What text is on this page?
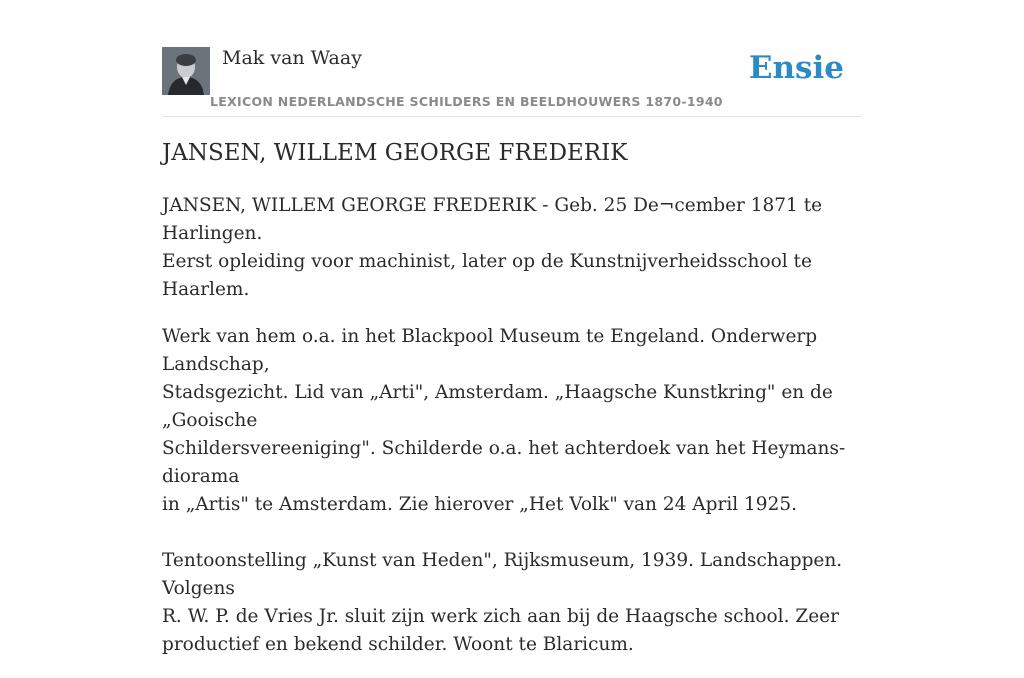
Mak van Waay
LEXICON NEDERLANDSCHE SCHILDERS EN BEELDHOUWERS 1870-1940
Ensie
JANSEN, WILLEM GEORGE FREDERIK

JANSEN, WILLEM GEORGE FREDERIK - Geb. 25 De¬cember 1871 te Harlingen.
Eerst opleiding voor machinist, later op de Kunstnijverheidsschool te Haarlem.

Werk van hem o.a. in het Blackpool Museum te Engeland. Onderwerp Landschap,
Stadsgezicht. Lid van „Arti", Amsterdam. „Haagsche Kunstkring" en de „Gooische
Schildersvereeniging". Schilderde o.a. het achterdoek van het Heymans-diorama
in „Artis" te Amsterdam. Zie hierover „Het Volk" van 24 April 1925.

Tentoonstelling „Kunst van Heden", Rijksmuseum, 1939. Landschappen. Volgens
R. W. P. de Vries Jr. sluit zijn werk zich aan bij de Haagsche school. Zeer
productief en bekend schilder. Woont te Blaricum.
